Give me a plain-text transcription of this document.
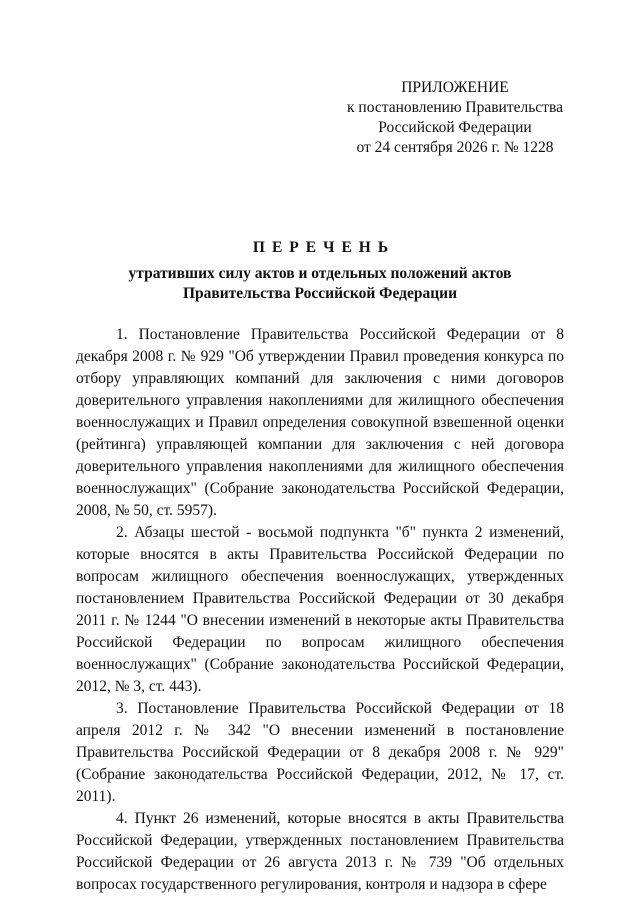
ПРИЛОЖЕНИЕ
к постановлению Правительства
Российской Федерации
от 24 сентября 2026 г. № 1228
ПЕРЕЧЕНЬ
утративших силу актов и отдельных положений актов
Правительства Российской Федерации

1. Постановление Правительства Российской Федерации от 8 декабря 2008 г. № 929 "Об утверждении Правил проведения конкурса по отбору управляющих компаний для заключения с ними договоров доверительного управления накоплениями для жилищного обеспечения военнослужащих и Правил определения совокупной взвешенной оценки (рейтинга) управляющей компании для заключения с ней договора доверительного управления накоплениями для жилищного обеспечения военнослужащих" (Собрание законодательства Российской Федерации, 2008, № 50, ст. 5957).

2. Абзацы шестой - восьмой подпункта "б" пункта 2 изменений, которые вносятся в акты Правительства Российской Федерации по вопросам жилищного обеспечения военнослужащих, утвержденных постановлением Правительства Российской Федерации от 30 декабря 2011 г. № 1244 "О внесении изменений в некоторые акты Правительства Российской Федерации по вопросам жилищного обеспечения военнослужащих" (Собрание законодательства Российской Федерации, 2012, № 3, ст. 443).

3. Постановление Правительства Российской Федерации от 18 апреля 2012 г. № 342 "О внесении изменений в постановление Правительства Российской Федерации от 8 декабря 2008 г. № 929" (Собрание законодательства Российской Федерации, 2012, № 17, ст. 2011).

4. Пункт 26 изменений, которые вносятся в акты Правительства Российской Федерации, утвержденных постановлением Правительства Российской Федерации от 26 августа 2013 г. № 739 "Об отдельных вопросах государственного регулирования, контроля и надзора в сфере
